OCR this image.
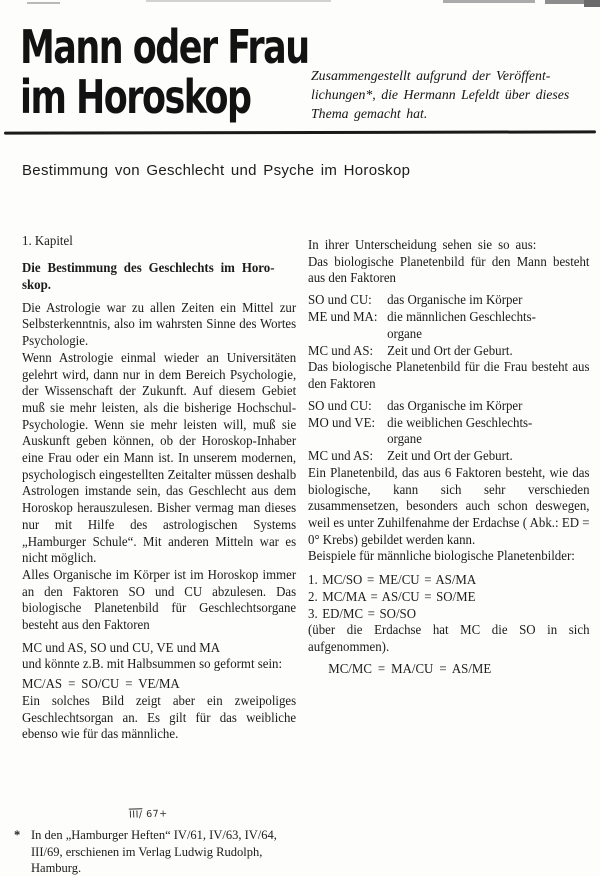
Mann oder Frau
im Horoskop	Zusammengestellt aufgrund der Veröffent-
lichungen*, die Hermann Lefeldt über dieses
Thema gemacht hat.
Bestimmung von Geschlecht und Psyche im Horoskop
1. Kapitel
Die Bestimmung des Geschlechts im Horo-
skop.

Die Astrologie war zu allen Zeiten ein Mittel zur Selbsterkenntnis, also im wahrsten Sinne des Wortes Psychologie.

Wenn Astrologie einmal wieder an Universitäten gelehrt wird, dann nur in dem Bereich Psychologie, der Wissenschaft der Zukunft. Auf diesem Gebiet muß sie mehr leisten, als die bisherige Hochschul-Psychologie. Wenn sie mehr leisten will, muß sie Auskunft geben können, ob der Horoskop-Inhaber eine Frau oder ein Mann ist. In unserem modernen, psychologisch eingestellten Zeitalter müssen deshalb Astrologen imstande sein, das Geschlecht aus dem Horoskop herauszulesen. Bisher vermag man dieses nur mit Hilfe des astrologischen Systems „Hamburger Schule“. Mit anderen Mitteln war es nicht möglich.

Alles Organische im Körper ist im Horoskop immer an den Faktoren SO und CU abzulesen. Das biologische Planetenbild für Geschlechtsorgane besteht aus den Faktoren

MC und AS, SO und CU, VE und MA

und könnte z.B. mit Halbsummen so geformt sein:

MC/AS = SO/CU = VE/MA

Ein solches Bild zeigt aber ein zweipoliges Geschlechtsorgan an. Es gilt für das weibliche ebenso wie für das männliche.

In ihrer Unterscheidung sehen sie so aus:

Das biologische Planetenbild für den Mann besteht aus den Faktoren

SO und CU:	das Organische im Körper
ME und MA: die männlichen Geschlechts-
organe
MC und AS: Zeit und Ort der Geburt.

Das biologische Planetenbild für die Frau besteht aus den Faktoren

SO und CU:	das Organische im Körper
MO und VE: die weiblichen Geschlechts-
organe
MC und AS: Zeit und Ort der Geburt.

Ein Planetenbild, das aus 6 Faktoren besteht, wie das biologische, kann sich sehr verschieden zusammensetzen, besonders auch schon deswegen, weil es unter Zuhilfenahme der Erdachse ( Abk.: ED = 0° Krebs) gebildet werden kann.

Beispiele für männliche biologische Planetenbilder:

1. MC/SO = ME/CU = AS/MA
2. MC/MA = AS/CU = SO/ME
3. ED/MC = SO/SO

(über die Erdachse hat MC die SO in sich aufgenommen).

MC/MC = MA/CU = AS/ME
III/ 67+
* In den „Hamburger Heften“ IV/61, IV/63, IV/64,
III/69, erschienen im Verlag Ludwig Rudolph,
Hamburg.
